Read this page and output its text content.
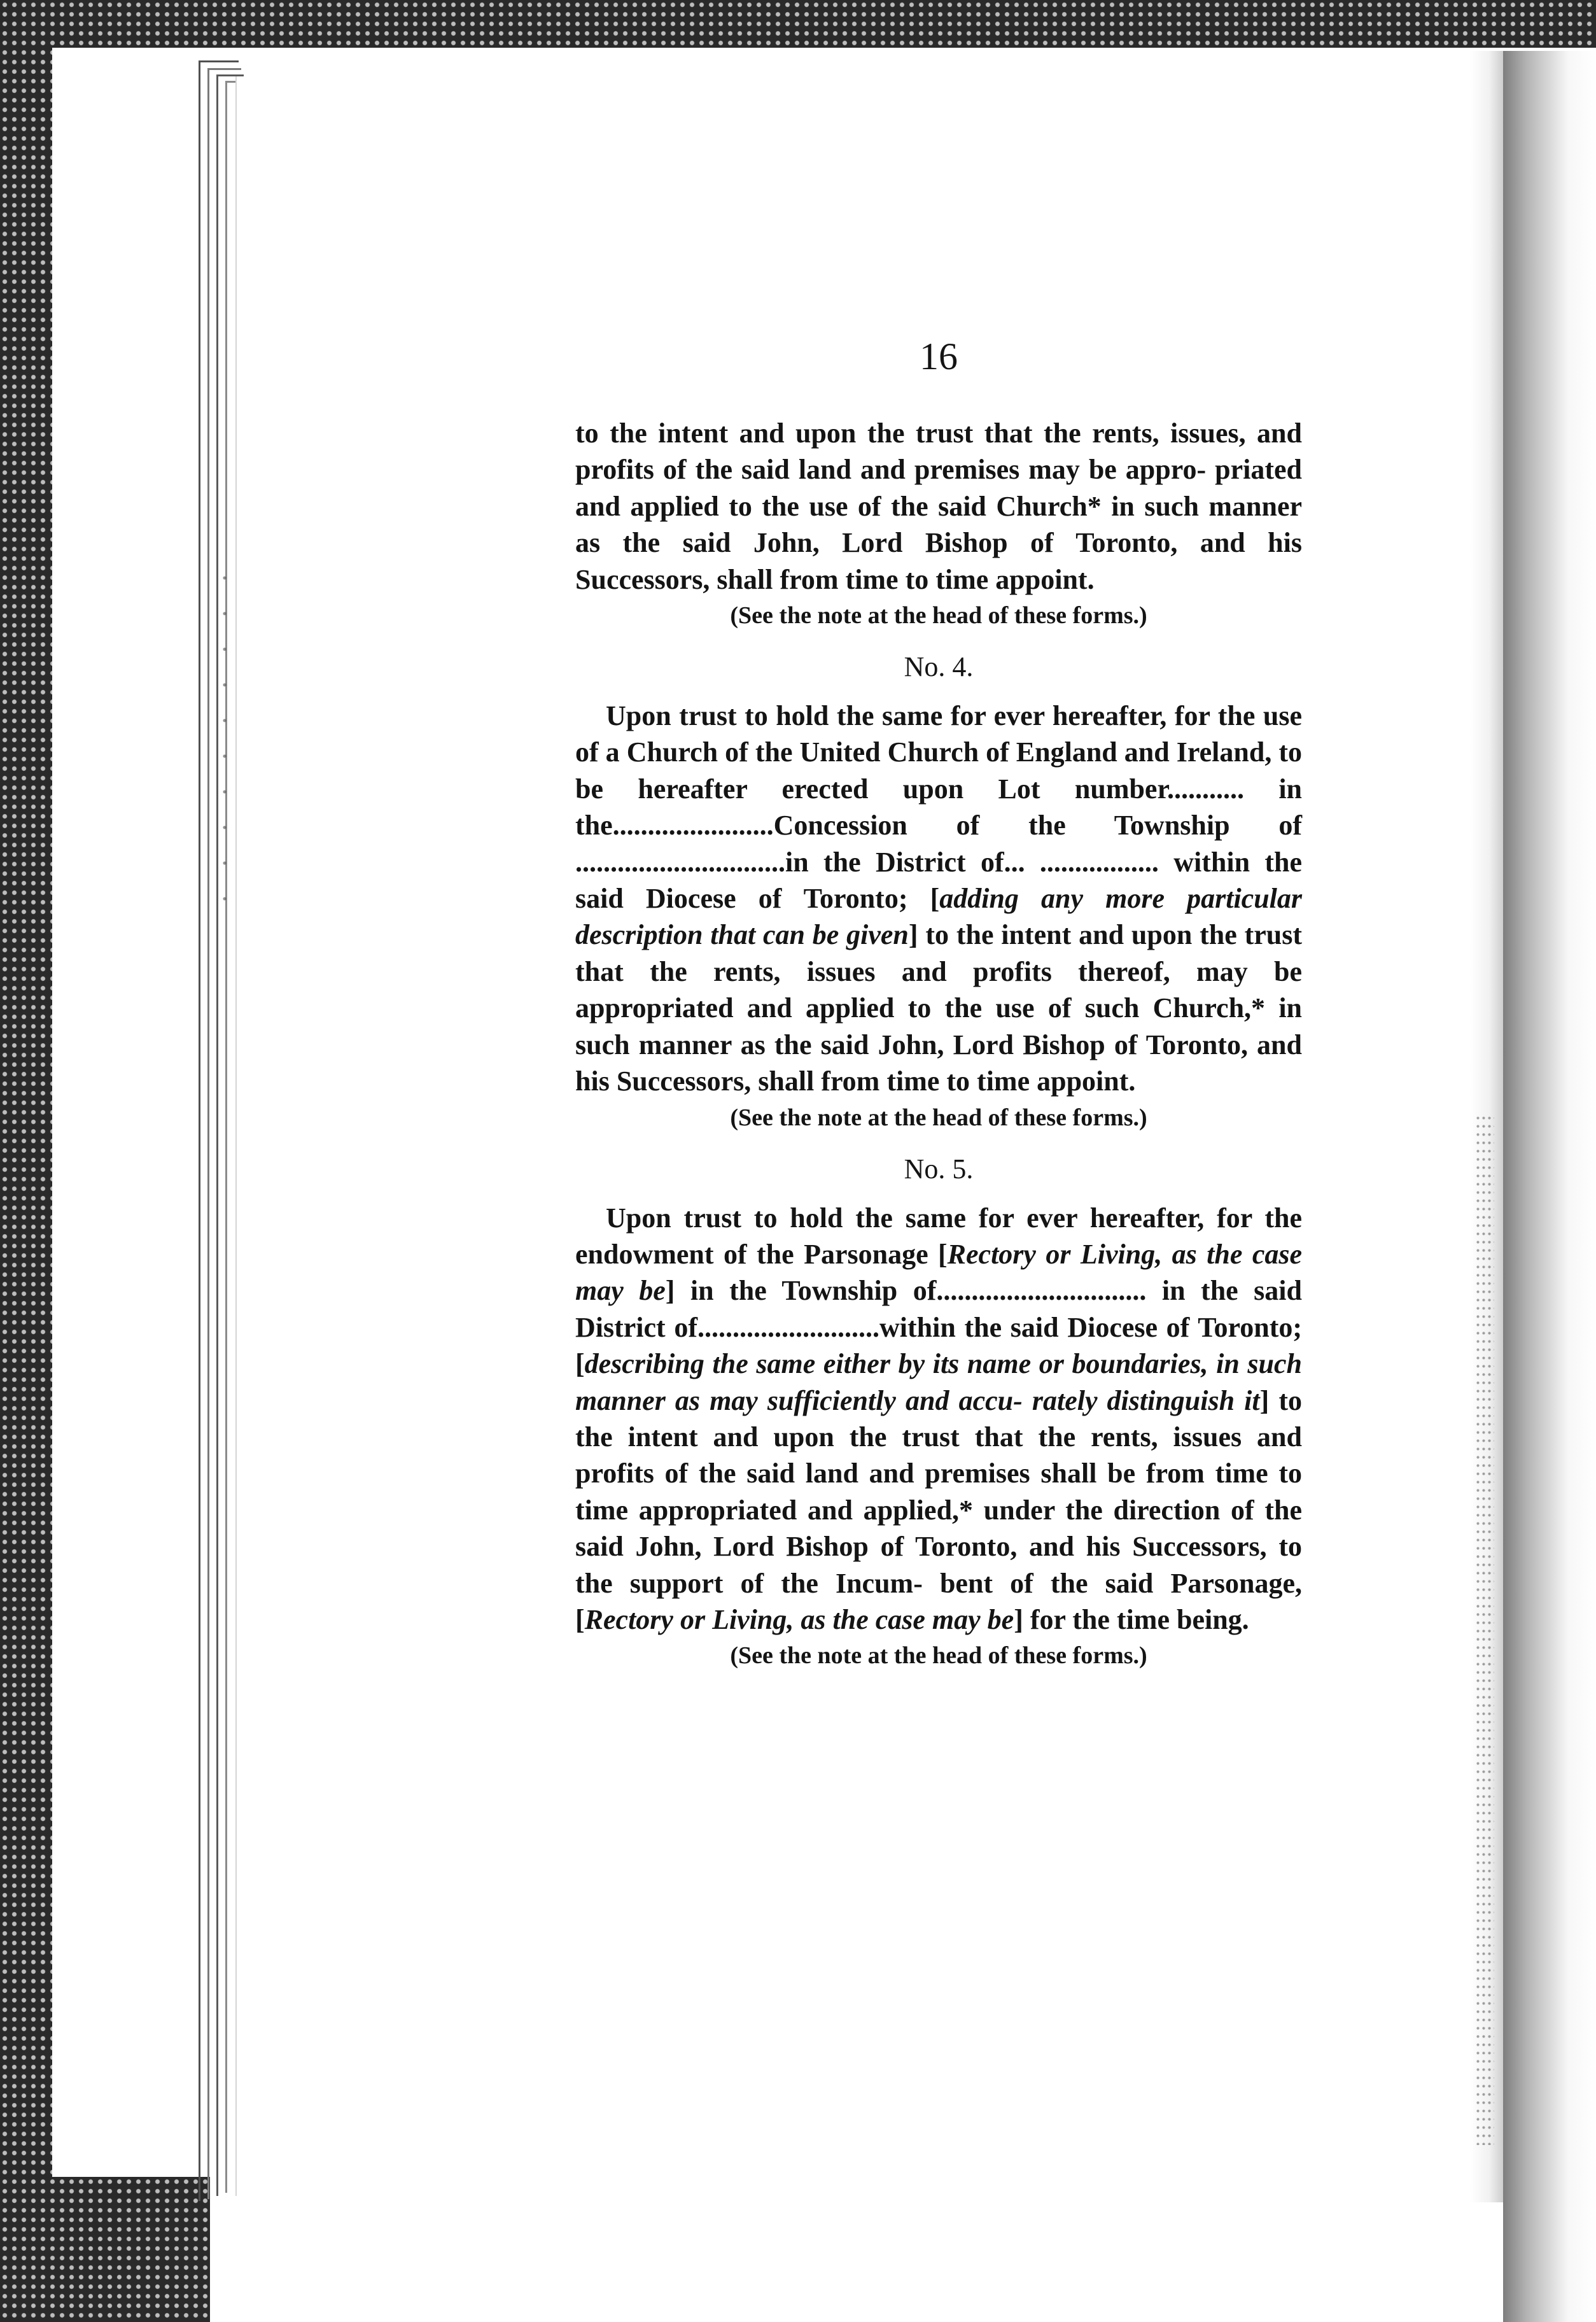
16

to the intent and upon the trust that the rents, issues, and profits of the said land and premises may be appro- priated and applied to the use of the said Church* in such manner as the said John, Lord Bishop of Toronto, and his Successors, shall from time to time appoint.

(See the note at the head of these forms.)

No. 4.

Upon trust to hold the same for ever hereafter, for the use of a Church of the United Church of England and Ireland, to be hereafter erected upon Lot number........... in the.......................Concession of the Township of ..............................in the District of... ................. within the said Diocese of Toronto; [adding any more particular description that can be given] to the intent and upon the trust that the rents, issues and profits thereof, may be appropriated and applied to the use of such Church,* in such manner as the said John, Lord Bishop of Toronto, and his Successors, shall from time to time appoint.

(See the note at the head of these forms.)

No. 5.

Upon trust to hold the same for ever hereafter, for the endowment of the Parsonage [Rectory or Living, as the case may be] in the Township of.............................. in the said District of..........................within the said Diocese of Toronto; [describing the same either by its name or boundaries, in such manner as may sufficiently and accu- rately distinguish it] to the intent and upon the trust that the rents, issues and profits of the said land and premises shall be from time to time appropriated and applied,* under the direction of the said John, Lord Bishop of Toronto, and his Successors, to the support of the Incum- bent of the said Parsonage, [Rectory or Living, as the case may be] for the time being.

(See the note at the head of these forms.)
